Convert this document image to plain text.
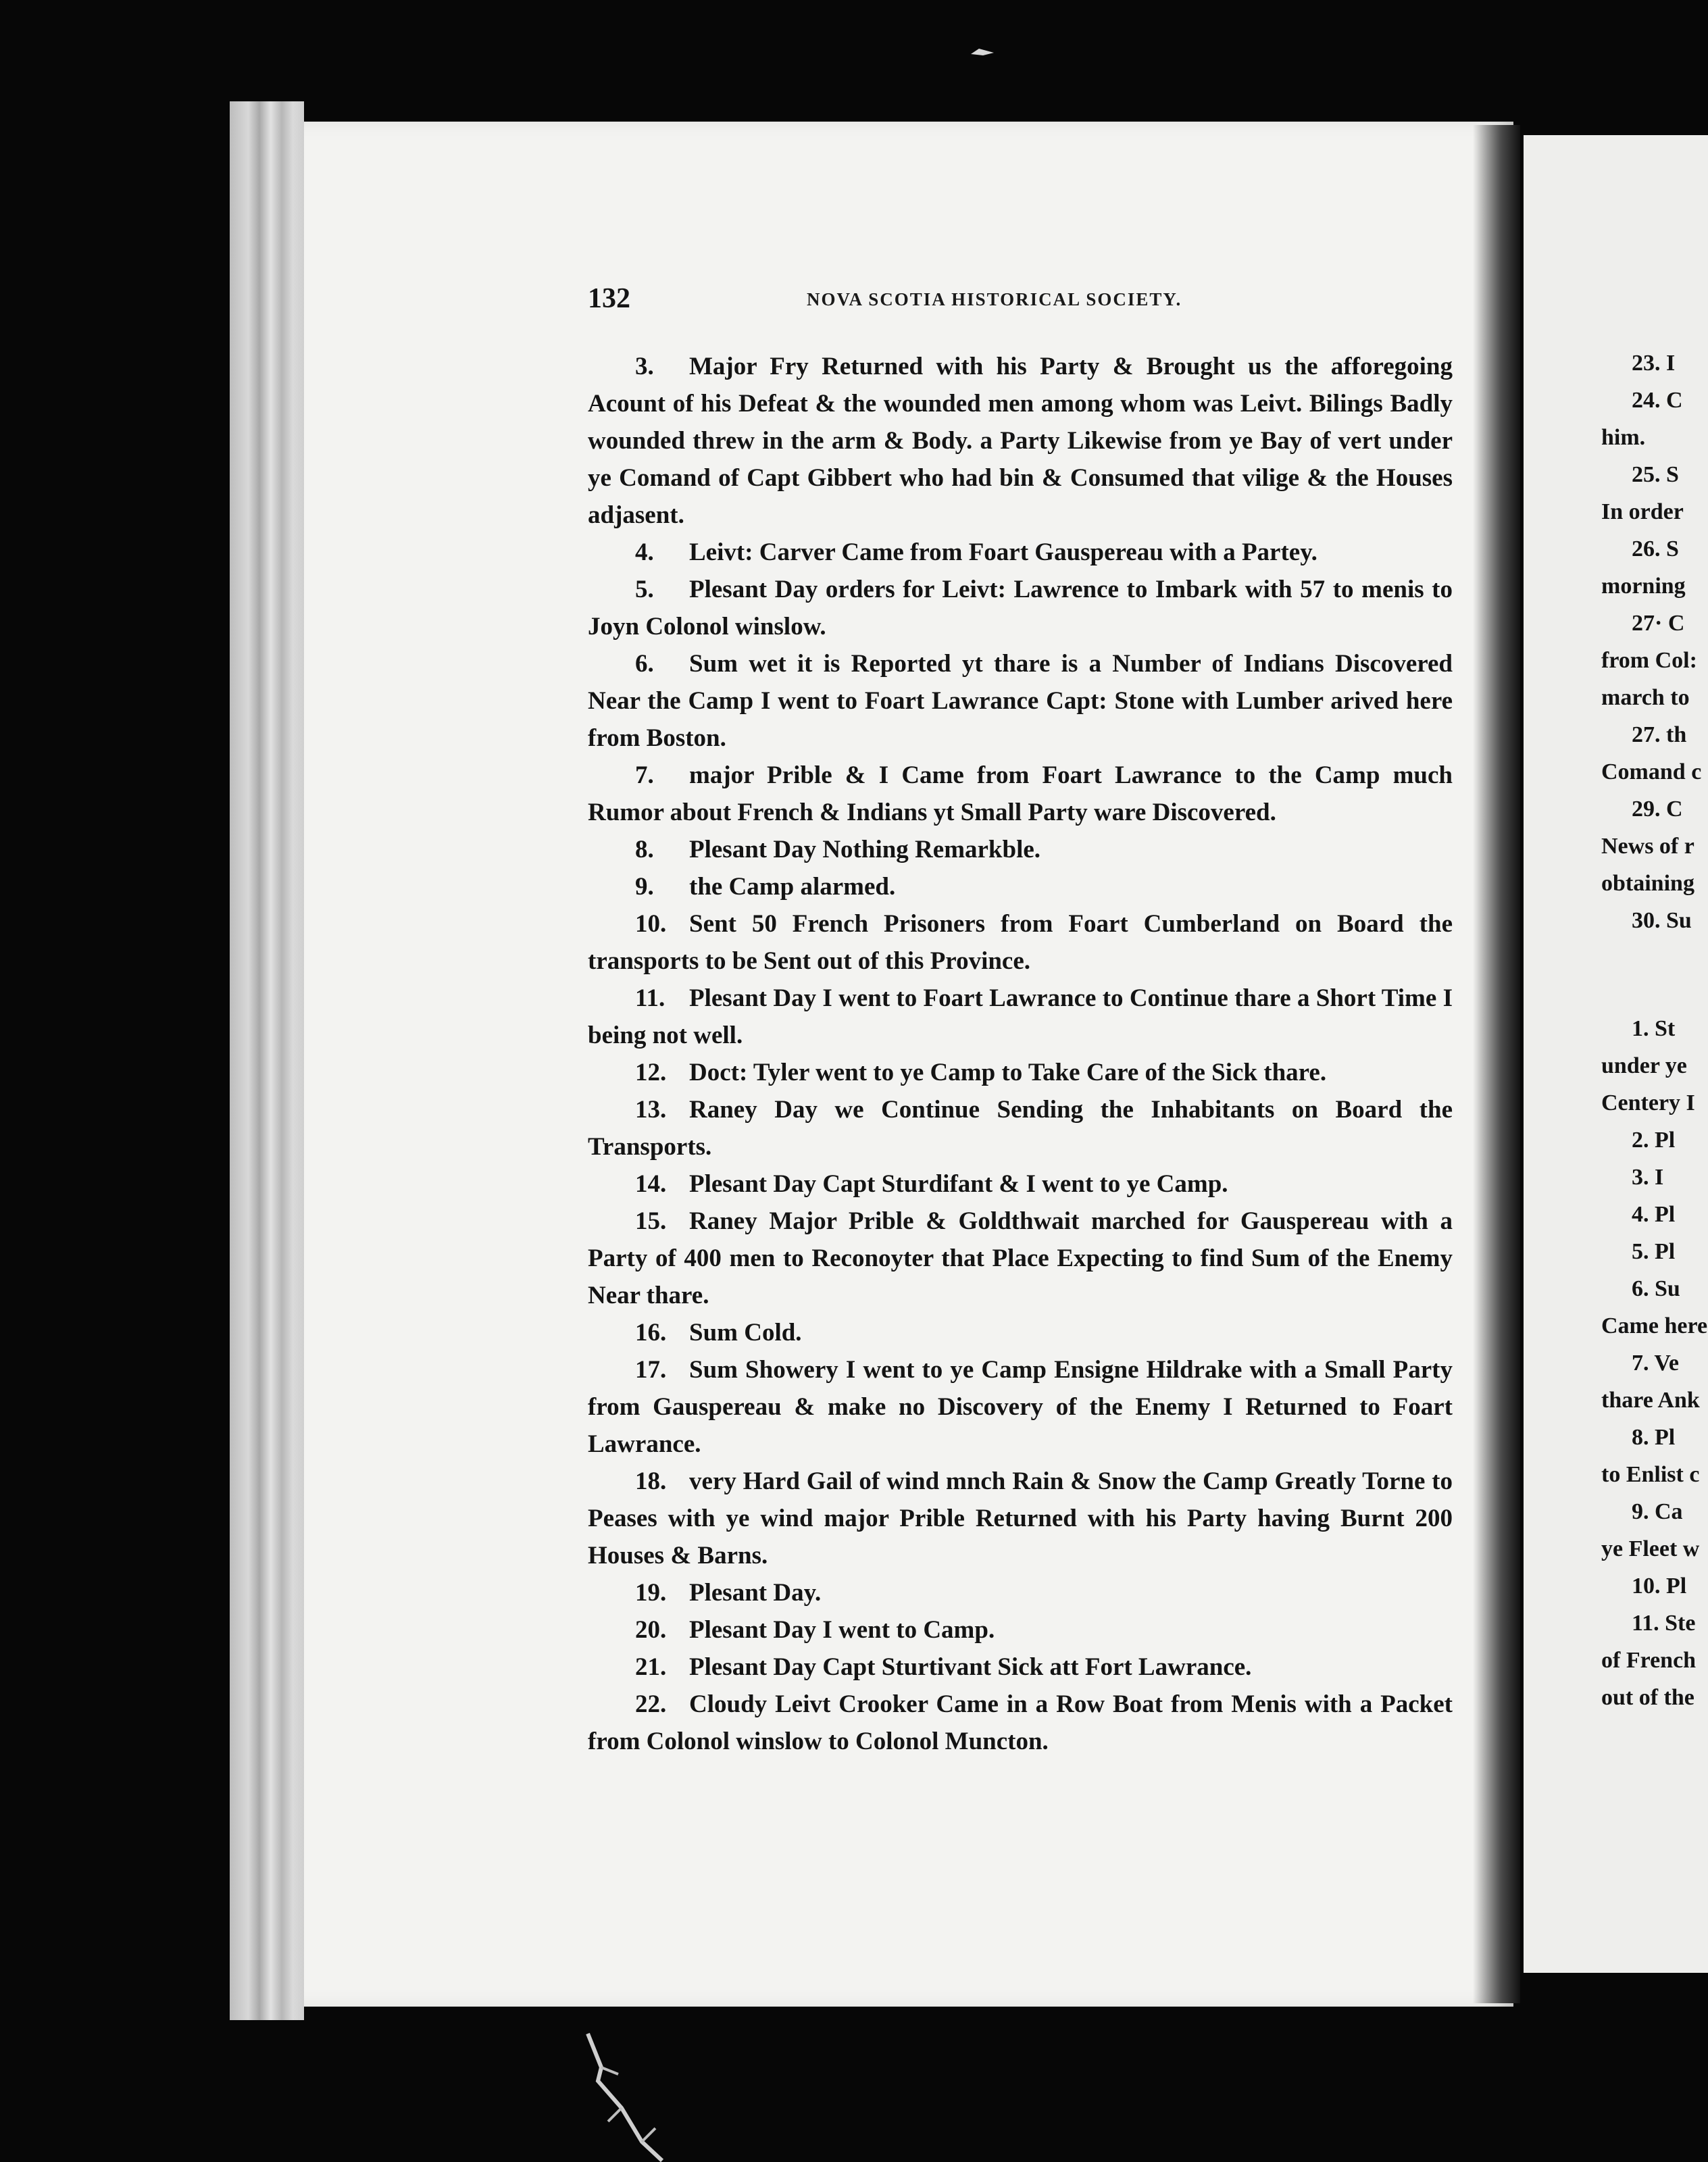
132	NOVA SCOTIA HISTORICAL SOCIETY.

3. Major Fry Returned with his Party & Brought us the afforegoing Acount of his Defeat & the wounded men among whom was Leivt. Bilings Badly wounded threw in the arm & Body. a Party Likewise from ye Bay of vert under ye Comand of Capt Gibbert who had bin & Consumed that vilige & the Houses adjasent.

4. Leivt: Carver Came from Foart Gauspereau with a Partey.

5. Plesant Day orders for Leivt: Lawrence to Imbark with 57 to menis to Joyn Colonol winslow.

6. Sum wet it is Reported yt thare is a Number of Indians Discovered Near the Camp I went to Foart Lawrance Capt: Stone with Lumber arived here from Boston.

7. major Prible & I Came from Foart Lawrance to the Camp much Rumor about French & Indians yt Small Party ware Discovered.

8. Plesant Day Nothing Remarkble.

9. the Camp alarmed.

10. Sent 50 French Prisoners from Foart Cumberland on Board the transports to be Sent out of this Province.

11. Plesant Day I went to Foart Lawrance to Continue thare a Short Time I being not well.

12. Doct: Tyler went to ye Camp to Take Care of the Sick thare.

13. Raney Day we Continue Sending the Inhabitants on Board the Transports.

14. Plesant Day Capt Sturdifant & I went to ye Camp.

15. Raney Major Prible & Goldthwait marched for Gauspereau with a Party of 400 men to Reconoyter that Place Expecting to find Sum of the Enemy Near thare.

16. Sum Cold.

17. Sum Showery I went to ye Camp Ensigne Hildrake with a Small Party from Gauspereau & make no Discovery of the Enemy I Returned to Foart Lawrance.

18. very Hard Gail of wind mnch Rain & Snow the Camp Greatly Torne to Peases with ye wind major Prible Returned with his Party having Burnt 200 Houses & Barns.

19. Plesant Day.

20. Plesant Day I went to Camp.

21. Plesant Day Capt Sturtivant Sick att Fort Lawrance.

22. Cloudy Leivt Crooker Came in a Row Boat from Menis with a Packet from Colonol winslow to Colonol Muncton.

23. I
24. C
him.
25. S
In order
26. S
morning
27· C
from Col:
march to
27. th
Comand c
29. C
News of r
obtaining
30. Su
1. St
under ye
Centery I
2. Pl
3. I
4. Pl
5. Pl
6. Su
Came here
7. Ve
thare Ank
8. Pl
to Enlist c
9. Ca
ye Fleet w
10. Pl
11. Ste
of French
out of the
